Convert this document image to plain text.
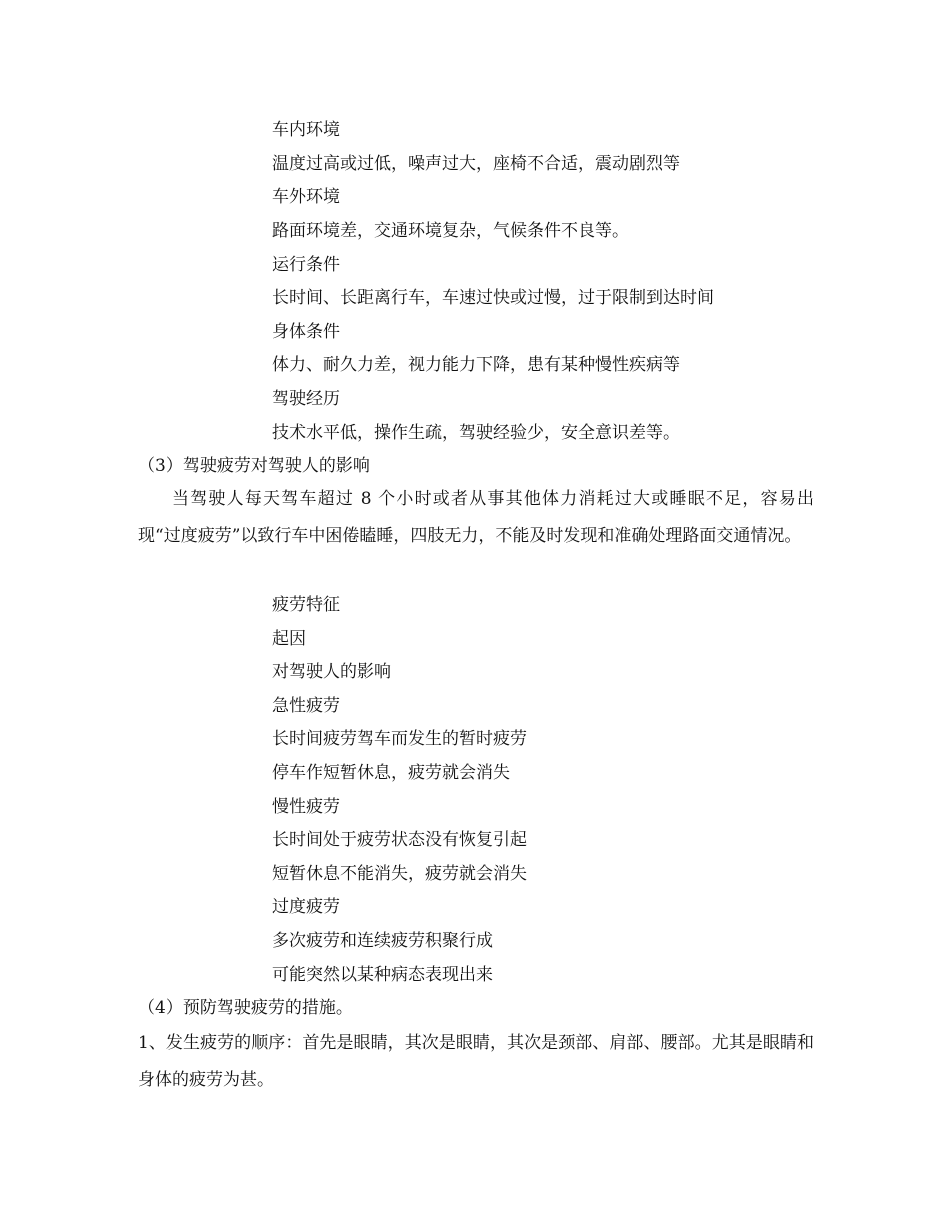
车内环境
温度过高或过低，噪声过大，座椅不合适，震动剧烈等
车外环境
路面环境差，交通环境复杂，气候条件不良等。
运行条件
长时间、长距离行车，车速过快或过慢，过于限制到达时间
身体条件
体力、耐久力差，视力能力下降，患有某种慢性疾病等
驾驶经历
技术水平低，操作生疏，驾驶经验少，安全意识差等。
（3）驾驶疲劳对驾驶人的影响
当驾驶人每天驾车超过 8 个小时或者从事其他体力消耗过大或睡眠不足，容易出现“过度疲劳”以致行车中困倦瞌睡，四肢无力，不能及时发现和准确处理路面交通情况。
疲劳特征
起因
对驾驶人的影响
急性疲劳
长时间疲劳驾车而发生的暂时疲劳
停车作短暂休息，疲劳就会消失
慢性疲劳
长时间处于疲劳状态没有恢复引起
短暂休息不能消失，疲劳就会消失
过度疲劳
多次疲劳和连续疲劳积聚行成
可能突然以某种病态表现出来
（4）预防驾驶疲劳的措施。
1、发生疲劳的顺序：首先是眼睛，其次是眼睛，其次是颈部、肩部、腰部。尤其是眼睛和身体的疲劳为甚。
